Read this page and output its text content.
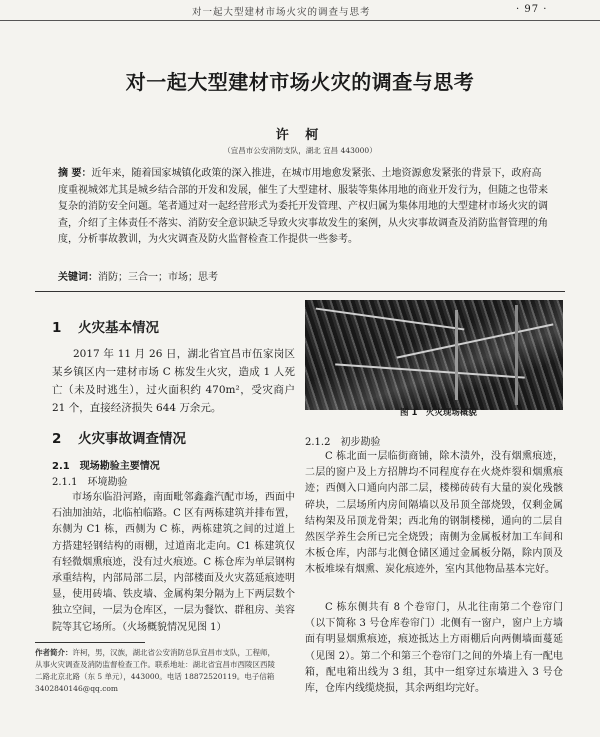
对一起大型建材市场火灾的调查与思考	· 97 ·
对一起大型建材市场火灾的调查与思考
许 柯
（宜昌市公安消防支队，湖北 宜昌 443000）
摘 要：近年来，随着国家城镇化政策的深入推进，在城市用地愈发紧张、土地资源愈发紧张的背景下，政府高度重视城郊尤其是城乡结合部的开发和发展，催生了大型建材、服装等集体用地的商业开发行为，但随之也带来复杂的消防安全问题。笔者通过对一起经营形式为委托开发管理、产权归属为集体用地的大型建材市场火灾的调查，介绍了主体责任不落实、消防安全意识缺乏导致火灾事故发生的案例，从火灾事故调查及消防监督管理的角度，分析事故教训，为火灾调查及防火监督检查工作提供一些参考。
关键词：消防；三合一；市场；思考
1 火灾基本情况
2017 年 11 月 26 日，湖北省宜昌市伍家岗区某乡镇区内一建材市场 C 栋发生火灾，造成 1 人死亡（未及时逃生），过火面积约 470m²，受灾商户 21 个，直接经济损失 644 万余元。
2 火灾事故调查情况
2.1　现场勘验主要情况
2.1.1　环境勘验
市场东临沿河路，南面毗邻鑫鑫汽配市场，西面中石油加油站，北临柏临路。C 区有两栋建筑并排布置，东侧为 C1 栋，西侧为 C 栋，两栋建筑之间的过道上方搭建轻钢结构的雨棚，过道南北走向。C1 栋建筑仅有轻微烟熏痕迹，没有过火痕迹。C 栋仓库为单层钢构承重结构，内部局部二层，内部楼面及火灾荔延痕迹明显，使用砖墙、铁皮墙、金属构架分隔为上下两层数个独立空间，一层为仓库区，一层为餐饮、群租房、美容院等其它场所。（火场概貌情况见图 1）
作者简介：许柯，男，汉族，湖北省公安消防总队宜昌市支队，工程师，从事火灾调查及消防监督检查工作。联系地址：湖北省宜昌市西陵区西陵二路北京北路（东 5 单元），443000。电话 18872520119。电子信箱 3402840146@qq.com
图 1　火灾现场概貌
2.1.2　初步勘验
C 栋北面一层临街商铺，除木渍外，没有烟熏痕迹，二层的窗户及上方招牌均不同程度存在火烧炸裂和烟熏痕迹；西侧入口通向内部二层，楼梯砖砖有大量的炭化残骸碎块，二层场所内房间隔墙以及吊顶全部烧毁，仅剩金属结构架及吊顶龙骨架；西北角的钢制楼梯，通向的二层自然医学养生会所已完全烧毁；南侧为金属板材加工车间和木板仓库，内部与北侧仓储区通过金属板分隔，除内顶及木板堆垛有烟熏、炭化痕迹外，室内其他物品基本完好。
C 栋东侧共有 8 个卷帘门，从北往南第二个卷帘门（以下简称 3 号仓库卷帘门）北侧有一窗户，窗户上方墙面有明显烟熏痕迹，痕迹抵达上方雨棚后向两侧墙面蔓延（见图 2）。第二个和第三个卷帘门之间的外墙上有一配电箱，配电箱出线为 3 组，其中一组穿过东墙进入 3 号仓库，仓库内线缆烧损，其余两组均完好。
